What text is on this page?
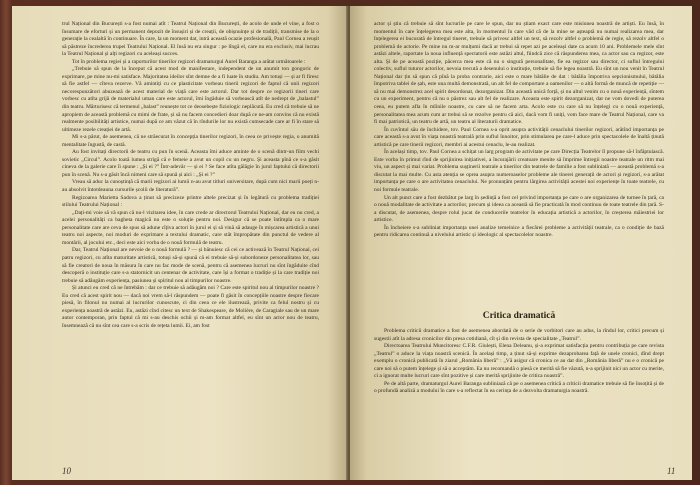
trul Național din București s-a fost numai atît : Teatrul Național din București, de acolo de unde el vine, a fost o însumare de eforturi și un permanent depozit de însușiri și de creații, de obișnuințe și de tradiții, transmise de la o generație la cealaltă în continuare. În care, la un moment dat, intră această ocazie profesională, Paul Cornea a reușit să păstreze încrederea trupei Teatrului Național. El însă nu era singur : pe lîngă el, care nu era exclusiv, mai lucrau la Teatrul Național și alți regizori cu aceleași succes.

Tot în problema regiei și a raporturilor tinerilor regizori dramaturgul Aurel Baranga a arătat următoarele :

„Trebuie să spun de la început că acest mod de manifestare, independent de un anumit ton gongoric de exprimare, pe mine nu-mi satisface. Majoritatea ideilor sînt demne de a fi luate în studiu. Am totuși — și ar fi firesc să fie astfel — cîteva rezerve. Vă amintiți cu ce plasticitate vorbeau tinerii regizori de faptul că unii regizori necorespunzători abuzează de acest material de viață care este actorul. Dar tot despre ce regizorii tineri care vorbesc cu atîta grijă de materialul uman care este actorul, îmi îngăduie să vorbească atît de nedrept de „balastul” din teatru. Mărturisesc că termenul „balast” reunește tot ce deosebește fiziologic neplăcută. Eu cred că trebuie să ne apropiem de această problemă cu mimi de frate, și să nu facem concedieri doar după ce ne-am convins că nu există realmente posibilități artistice, numai după ce am văzut că în rîndurile lor nu există cumsecade care ar fi în stare să ultimeze rezele creației de artă.

Mi s-a părut, de asemenea, că ne străecurat în concepția tinerilor regizori, în ceea ce privește regia, o anumită mentalitate îngustă, de castă.

Au fost invitați directorii de teatru cu pun în scenă. Aceasta îmi aduce aminte de o scenă dintr-un film vechi sovietic „Circul”. Acolo toată lumea strigă că e femeie a avut un copil cu un negru. Și aceasta pînă ce s-a găsit cineva de la galerie care îi spune : „Și ei ?” Într-adevăr — și ei ? Se face atîta gălăgie în jurul faptului că directorii pun în scenă. Nu s-a găsit încă nimeni care să spună și aici : „Și ei ?”

Vreau să aduc la cunoștință că marii regizori ai lumii n-au avut titluri universitare, după cum nici marii poeți n-au absolvit întotdeauna cursurile școlii de literatură”.

Regizoarea Marietta Sadova a ținut să precizeze printre altele precizat și în legătură cu problema tradiției stilului Teatrului Național :

„Dați-mi voie să vă spun că nu-l vizitarea idee, în care crede ar directorul Teatrului Național, dar eu nu cred, a acelei personalități ca bagheta magică nu este o soluție pentru noi. Desigur că se poate întîmpla ca o mare personalitate care are ceva de spus să adune cîțiva actori în jurul ei și să vină să adauge în mișcarea artistică a unui teatru noi aspecte, noi moduri de exprimare a textului dramatic, care stăt împropătate din punctul de vedere al montării, al jocului etc., deci este aici vorba de o nouă formulă de teatru.

Dar, Teatrul Național are nevoie de o nouă formulă ? — și bănuiesc că cei ce activează în Teatrul Național, cei patru regizori, cu atîta maturitate artistică, totuși să-și spună că ei trebuie să-și subordoneze personalitatea lor, sau să fie creatori de noua în măsura în care nu fac mode de scenă, pentru că asemenea lucruri nu sînt îngăduite cînd descoperă o instituție care s-a statornicit un centenar de activitate, care își a format o tradiție și la care tradiție noi trebuie să adăugăm experiența, pasiunea și spiritul nou al timpurilor noastre.

Și atunci eu cred că ne întrebăm : dar ce trebuie să adăugăm noi ? Care este spiritul nou al timpurilor noastre ? Eu cred că acest spirit nou — dacă noi vrem să-l răspundem — poate fi găsit în concepțiile noastre despre fiecare piesă, în filonul nu numai al lucrurilor cunoscute, ci din ceea ce ele ilustrează, privite ca felul nostru și cu experiența noastră de astăzi. Eu, astăzi cînd citesc un text de Shakespeare, de Molière, de Caragiale sau de un mare autor contemporan, prin faptul că mi s-au deschis ochii și m-am format altfel, eu sînt un actor nou de teatru, însemnează că nu sînt cea care s-a scris de rețeta lumii. Ei, am fost

10

actor și știu că trebuie să sînt lucrurile pe care le spun, dar nu știam exact care este misiunea noastră de artiști. Eu însă, în momentul în care înțelegerea mea este alta, în momentul în care văd că de la mine se așteaptă nu numai realizarea mea, dar înțelegerea ei bucurată de întregul tineret, trebuie să privesc altfel un text, să rezolv altfel o problemă de regie, să rezolv altfel o problemă de actorie. Pe mine nu m-ar mulțumi dacă ar trebui să repet azi pe aceleași date ca acum 10 ani. Problemele mele sînt astăzi altele, raportate la noua influență spectatorii este astăzi altul, fiindcă zice că răspunderea mea, ca actor sau ca regizor, este alta. Și de pe această poziție, păcerca mea este că nu o singură personalitate, fie ea regizor sau director, ci suflul întregului colectiv, suflul tuturor actorilor, nevoia trecută a desenului o instituție, trebuie să fie legea noastră. Eu sînt un nou venit în Teatrul Național dar țin să spun că pînă la proba contrarie, aici este o mare bătălie de dat : bătălia împotriva sepcionismului, bătălia împotriva tablei de șah, este una multă demonstrată, un alt fel de comportare a oamenilor — o altă formă de muncă de repetiție — să nu mai demonstrez acel spirit desordonat, dezorganizat. Din această unică forță, și nu altul venim cu o nouă experiență, sîntem cu un experiment, pentru că nu o păstrez sau alt fel de realizare. Aceasta este spirit dezorganizat, dar ne vom dovedi de puterea ceea, eu putem afla în mîinile noastre, cu care să ne facem arta. Acolo este cu care să nu înțelegi cu o nouă experiență, personalitatea mea acum cum ar trebui să se rezolve pentru că aici, dacă vom fi uniți, vom face mare de Teatrul Național, care va fi mai patriotică, un teatru de artă, un teatru al literaturii dramatice.

În cuvîntul său de închidere, tov. Paul Cornea s-a oprit asupra activității cenaclului tinerilor regizori, arătînd importanța pe care această s-a avut în viața noastră teatrală prin suflul înnoitor, prin stimularea pe care-l aduce prin spectacolele de înaltă ținută artistică pe care tinerii regizori, membri ai acestui cenaclu, le-au realizat.

În același timp, tov. Paul Cornea a schițat un larg program de activitate pe care Direcția Teatrelor îl propune să-l înfăptuiască. Este vorba în primul rînd de sprijinirea inițiativei, a încurajării creatoare menite să împrime întregii noastre teatrale un ritm mai viu, un aspect și mai variat. Problema sușținerii teatrale a tinerilor din teatrele de familie a fost subliniată — această problemă s-a discutat la mai multe. Cu asta atenția se oprea asupra numeroaselor probleme ale tinerei generații de actori și regizori, s-a arătat importanța pe care o are activitatea cenaclului. Ne pronunțăm pentru lărgirea activității acestei noi experiențe în toate teatrele, cu noi formule teatrale.

Un alt punct care a fost dezbătut pe larg în ședință a fost cel privind importanța pe care o are organizarea de turnee în țară, ca o nouă modalitate de activitate a actorilor, precum și ideea ca această să fie practicată în mod continuu de toate teatrele din țară. S-a discutat, de asemenea, despre rolul jucat de conducerile teatrelor în educația artistică a actorilor, în creșterea măiestriei lor artistice.

În încheiere s-a subliniat importanța unei analize temeinice a fiecărei probleme a activității teatrale, ca o condiție de bază pentru ridicarea continuă a nivelului artistic și ideologic al spectacolelor noastre.

Critica dramatică

Problema criticii dramatice a fost de asemenea abordată de o serie de vorbitori care au adus, la rîndul lor, critici precum și sugestii atît la adresa cronicilor din presa cotidiană, cît și din revista de specialitate „Teatrul”.

Directoarea Teatrului Muncitoresc C.F.R. Giulești, Elena Deleanu, și-a exprimat satisfacția pentru contribuția pe care revista „Teatrul” o aduce la viața noastră scenică. În același timp, a ținut să-și exprime dezaprobarea față de unele cronici, dînd drept exemplu o cronică publicată în ziarul „România liberă” : „Vă asigur că cronica ce au dat din „România liberă” nu e o cronică pe care noi să o putem înțelege și să o acceptăm. Ea nu recomandă o piesă ce merită să fie văzută, n-a sprijinit nici un actor cu merite, ci a ignorat multe lucruri care sînt pozitive și care merită sprijinite de critica noastră”.

Pe de altă parte, dramaturgul Aurel Baranga subliniază că pe o asemenea critică a criticii dramatice trebuie să fie însoțită și de o profundă analiză a modului în care s-a reflectat în ea cerința de a dezvolta dramaturgia noastră.

11
